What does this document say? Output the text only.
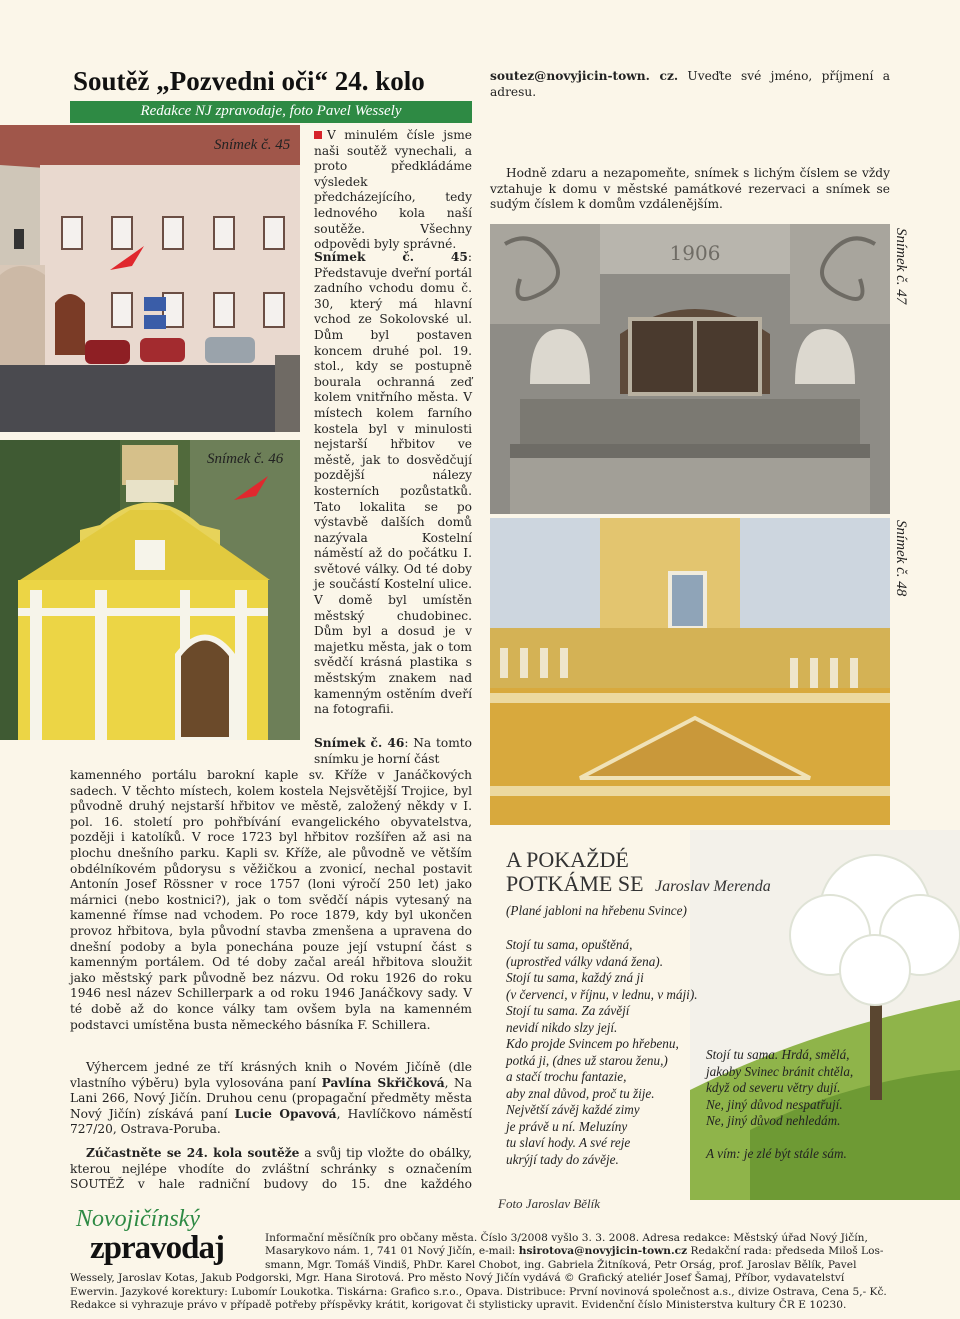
Soutěž „Pozvedni oči“ 24. kolo
Redakce NJ zpravodaje, foto Pavel Wessely
Snímek č. 45
Snímek č. 46
V minulém čísle jsme naši soutěž vynechali, a proto předkládáme výsledek předcházejícího, tedy lednového kola naší soutěže. Všechny odpovědi byly správné.
Snímek č. 45: Představuje dveřní portál zadního vchodu domu č. 30, který má hlavní vchod ze Sokolovské ul. Dům byl postaven koncem druhé pol. 19. stol., kdy se postupně bourala ochranná zeď kolem vnitřního města. V místech kolem farního kostela byl v minulosti nejstarší hřbitov ve městě, jak to dosvědčují pozdější nálezy kosterních pozůstatků. Tato lokalita se po výstavbě dalších domů nazývala Kostelní náměstí až do počátku I. světové války. Od té doby je součástí Kostelní ulice. V domě byl umístěn městský chudobinec. Dům byl a dosud je v majetku města, jak o tom svědčí krásná plastika s městským znakem nad kamenným ostěním dveří na fotografii.
Snímek č. 46: Na tomto snímku je horní část
kamenného portálu barokní kaple sv. Kříže v Janáčkových sadech. V těchto místech, kolem kostela Nejsvětější Trojice, byl původně druhý nejstarší hřbitov ve městě, založený někdy v I. pol. 16. století pro pohřbívání evangelického obyvatelstva, později i katolíků. V roce 1723 byl hřbitov rozšířen až asi na plochu dnešního parku. Kapli sv. Kříže, ale původně ve větším obdélníkovém půdorysu s věžičkou a zvonicí, nechal postavit Antonín Josef Rössner v roce 1757 (loni výročí 250 let) jako márnici (nebo kostnici?), jak o tom svědčí nápis vytesaný na kamenné římse nad vchodem. Po roce 1879, kdy byl ukončen provoz hřbitova, byla původní stavba zmenšena a upravena do dnešní podoby a byla ponechána pouze její vstupní část s kamenným portálem. Od té doby začal areál hřbitova sloužit jako městský park původně bez názvu. Od roku 1926 do roku 1946 nesl název Schillerpark a od roku 1946 Janáčkovy sady. V té době až do konce války tam ovšem byla na kamenném podstavci umístěna busta německého básníka F. Schillera.
Výhercem jedné ze tří krásných knih o Novém Jičíně (dle vlastního výběru) byla vylosována paní Pavlína Skřičková, Na Lani 266, Nový Jičín. Druhou cenu (propagační předměty města Nový Jičín) získává paní Lucie Opavová, Havlíčkovo náměstí 727/20, Ostrava-Poruba.
Zúčastněte se 24. kola soutěže a svůj tip vložte do obálky, kterou nejlépe vhodíte do zvláštní schránky s označením SOUTĚŽ v hale radniční budovy do 15. dne každého
soutez@novyjicin-town. cz. Uveďte své jméno, příjmení a adresu.
Hodně zdaru a nezapomeňte, snímek s lichým číslem se vždy vztahuje k domu v městské památkové rezervaci a snímek se sudým číslem k domům vzdálenějším.
1906	Snímek č. 47
Snímek č. 48
A POKAŽDÉ
POTKÁME SE Jaroslav Merenda
(Plané jabloni na hřebenu Svince)
Stojí tu sama, opuštěná,
(uprostřed války vdaná žena).
Stojí tu sama, každý zná ji
(v červenci, v říjnu, v lednu, v máji).
Stojí tu sama. Za závějí
nevidí nikdo slzy její.
Kdo projde Svincem po hřebenu,
potká ji, (dnes už starou ženu,)
a stačí trochu fantazie,
aby znal důvod, proč tu žije.
Největší závěj každé zimy
je právě u ní. Meluzíny
tu slaví hody. A své reje
ukrýjí tady do závěje.
Stojí tu sama. Hrdá, smělá,
jakoby Svinec bránit chtěla,
když od severu větry dují.
Ne, jiný důvod nespatřují.
Ne, jiný důvod nehledám.

A vím: je zlé být stále sám.
Foto Jaroslav Bělík
Novojičínský
zpravodaj	Informační měsíčník pro občany města. Číslo 3/2008 vyšlo 3. 3. 2008. Adresa redakce: Městský úřad Nový Jičín,
Masarykovo nám. 1, 741 01 Nový Jičín, e-mail: hsirotova@novyjicin-town.cz Redakční rada: předseda Miloš Los-
smann, Mgr. Tomáš Vindiš, PhDr. Karel Chobot, ing. Gabriela Žitníková, Petr Orság, prof. Jaroslav Bělík, Pavel
Wessely, Jaroslav Kotas, Jakub Podgorski, Mgr. Hana Sirotová. Pro město Nový Jičín vydává © Grafický ateliér Josef Šamaj, Příbor, vydavatelství
Ewervin. Jazykové korektury: Lubomír Loukotka. Tiskárna: Grafico s.r.o., Opava. Distribuce: První novinová společnost a.s., divize Ostrava, Cena 5,- Kč.
Redakce si vyhrazuje právo v případě potřeby příspěvky krátit, korigovat či stylisticky upravit. Evidenční číslo Ministerstva kultury ČR E 10230.
